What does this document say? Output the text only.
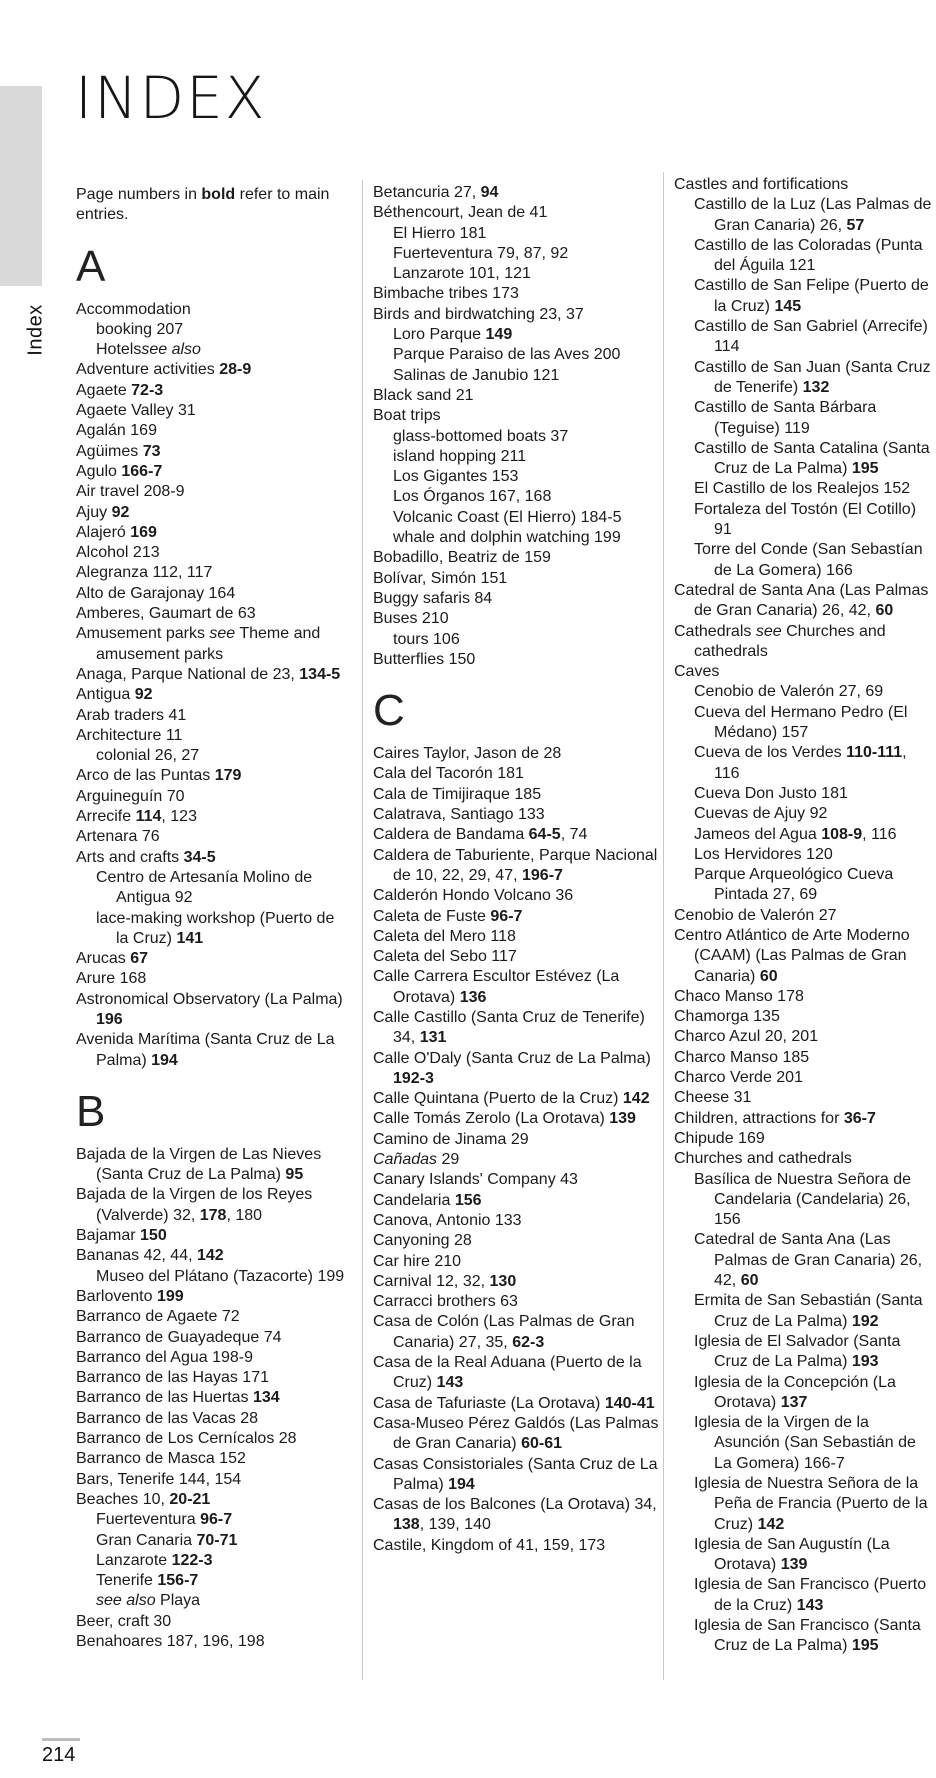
Index
INDEX
Page numbers in bold refer to main entries.
A
Accommodation
booking 207
Hotelssee also
Adventure activities 28-9
Agaete 72-3
Agaete Valley 31
Agalán 169
Agüimes 73
Agulo 166-7
Air travel 208-9
Ajuy 92
Alajeró 169
Alcohol 213
Alegranza 112, 117
Alto de Garajonay 164
Amberes, Gaumart de 63
Amusement parks see Theme and amusement parks
Anaga, Parque National de 23, 134-5
Antigua 92
Arab traders 41
Architecture 11
colonial 26, 27
Arco de las Puntas 179
Arguineguín 70
Arrecife 114, 123
Artenara 76
Arts and crafts 34-5
Centro de Artesanía Molino de Antigua 92
lace-making workshop (Puerto de la Cruz) 141
Arucas 67
Arure 168
Astronomical Observatory (La Palma) 196
Avenida Marítima (Santa Cruz de La Palma) 194
B
Bajada de la Virgen de Las Nieves (Santa Cruz de La Palma) 95
Bajada de la Virgen de los Reyes (Valverde) 32, 178, 180
Bajamar 150
Bananas 42, 44, 142
Museo del Plátano (Tazacorte) 199
Barlovento 199
Barranco de Agaete 72
Barranco de Guayadeque 74
Barranco del Agua 198-9
Barranco de las Hayas 171
Barranco de las Huertas 134
Barranco de las Vacas 28
Barranco de Los Cernícalos 28
Barranco de Masca 152
Bars, Tenerife 144, 154
Beaches 10, 20-21
Fuerteventura 96-7
Gran Canaria 70-71
Lanzarote 122-3
Tenerife 156-7
see also Playa
Beer, craft 30
Benahoares 187, 196, 198
Betancuria 27, 94
Béthencourt, Jean de 41
El Hierro 181
Fuerteventura 79, 87, 92
Lanzarote 101, 121
Bimbache tribes 173
Birds and birdwatching 23, 37
Loro Parque 149
Parque Paraiso de las Aves 200
Salinas de Janubio 121
Black sand 21
Boat trips
glass-bottomed boats 37
island hopping 211
Los Gigantes 153
Los Órganos 167, 168
Volcanic Coast (El Hierro) 184-5
whale and dolphin watching 199
Bobadillo, Beatriz de 159
Bolívar, Simón 151
Buggy safaris 84
Buses 210
tours 106
Butterflies 150
C
Caires Taylor, Jason de 28
Cala del Tacorón 181
Cala de Timijiraque 185
Calatrava, Santiago 133
Caldera de Bandama 64-5, 74
Caldera de Taburiente, Parque Nacional de 10, 22, 29, 47, 196-7
Calderón Hondo Volcano 36
Caleta de Fuste 96-7
Caleta del Mero 118
Caleta del Sebo 117
Calle Carrera Escultor Estévez (La Orotava) 136
Calle Castillo (Santa Cruz de Tenerife) 34, 131
Calle O'Daly (Santa Cruz de La Palma) 192-3
Calle Quintana (Puerto de la Cruz) 142
Calle Tomás Zerolo (La Orotava) 139
Camino de Jinama 29
Cañadas 29
Canary Islands' Company 43
Candelaria 156
Canova, Antonio 133
Canyoning 28
Car hire 210
Carnival 12, 32, 130
Carracci brothers 63
Casa de Colón (Las Palmas de Gran Canaria) 27, 35, 62-3
Casa de la Real Aduana (Puerto de la Cruz) 143
Casa de Tafuriaste (La Orotava) 140-41
Casa-Museo Pérez Galdós (Las Palmas de Gran Canaria) 60-61
Casas Consistoriales (Santa Cruz de La Palma) 194
Casas de los Balcones (La Orotava) 34, 138, 139, 140
Castile, Kingdom of 41, 159, 173
Castles and fortifications
Castillo de la Luz (Las Palmas de Gran Canaria) 26, 57
Castillo de las Coloradas (Punta del Águila 121
Castillo de San Felipe (Puerto de la Cruz) 145
Castillo de San Gabriel (Arrecife) 114
Castillo de San Juan (Santa Cruz de Tenerife) 132
Castillo de Santa Bárbara (Teguise) 119
Castillo de Santa Catalina (Santa Cruz de La Palma) 195
El Castillo de los Realejos 152
Fortaleza del Tostón (El Cotillo) 91
Torre del Conde (San Sebastían de La Gomera) 166
Catedral de Santa Ana (Las Palmas de Gran Canaria) 26, 42, 60
Cathedrals see Churches and cathedrals
Caves
Cenobio de Valerón 27, 69
Cueva del Hermano Pedro (El Médano) 157
Cueva de los Verdes 110-111, 116
Cueva Don Justo 181
Cuevas de Ajuy 92
Jameos del Agua 108-9, 116
Los Hervidores 120
Parque Arqueológico Cueva Pintada 27, 69
Cenobio de Valerón 27
Centro Atlántico de Arte Moderno (CAAM) (Las Palmas de Gran Canaria) 60
Chaco Manso 178
Chamorga 135
Charco Azul 20, 201
Charco Manso 185
Charco Verde 201
Cheese 31
Children, attractions for 36-7
Chipude 169
Churches and cathedrals
Basílica de Nuestra Señora de Candelaria (Candelaria) 26, 156
Catedral de Santa Ana (Las Palmas de Gran Canaria) 26, 42, 60
Ermita de San Sebastián (Santa Cruz de La Palma) 192
Iglesia de El Salvador (Santa Cruz de La Palma) 193
Iglesia de la Concepción (La Orotava) 137
Iglesia de la Virgen de la Asunción (San Sebastián de La Gomera) 166-7
Iglesia de Nuestra Señora de la Peña de Francia (Puerto de la Cruz) 142
Iglesia de San Augustín (La Orotava) 139
Iglesia de San Francisco (Puerto de la Cruz) 143
Iglesia de San Francisco (Santa Cruz de La Palma) 195
214
